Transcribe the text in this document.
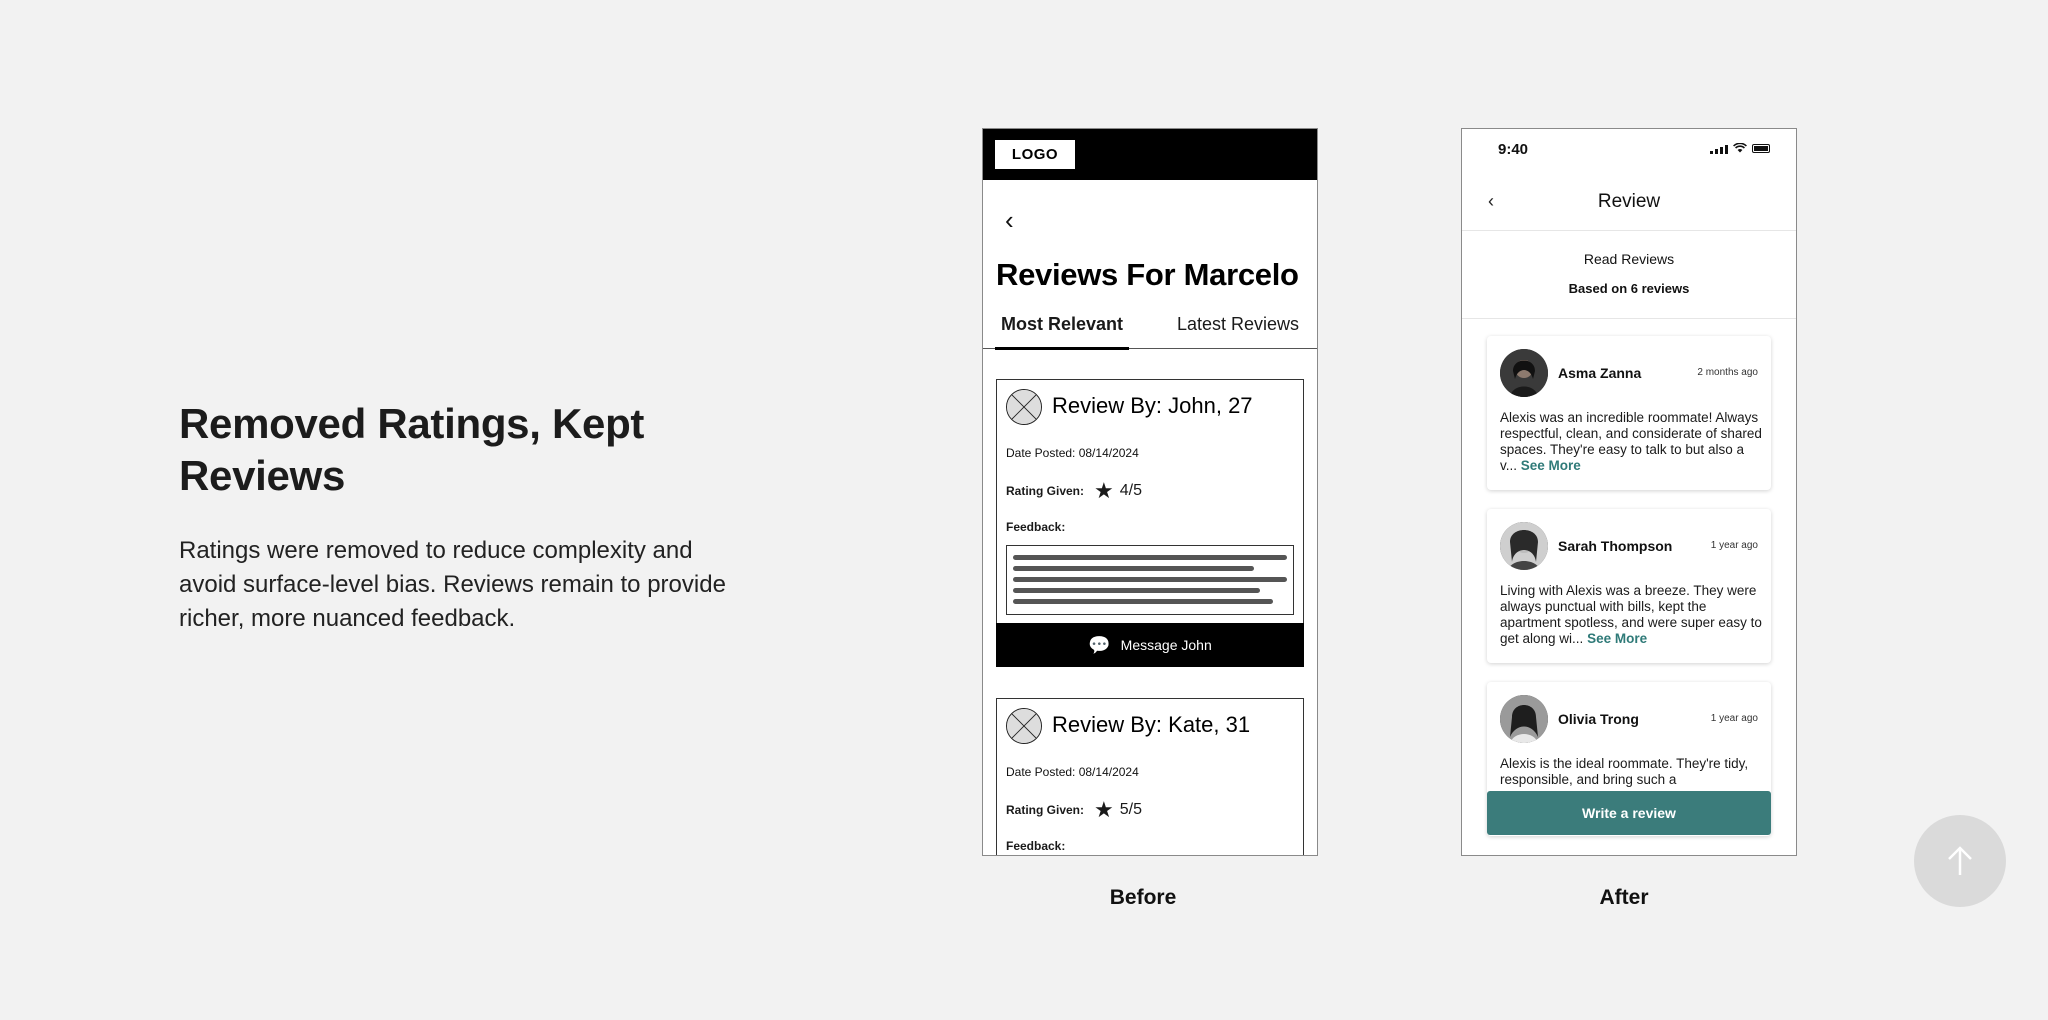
Removed Ratings, Kept Reviews

Ratings were removed to reduce complexity and avoid surface-level bias. Reviews remain to provide richer, more nuanced feedback.

LOGO
‹
Reviews For Marcelo
Most Relevant	Latest Reviews
Review By: John, 27
Date Posted: 08/14/2024
Rating Given: ★ 4/5
Feedback:
💬 Message John
Review By: Kate, 31
Date Posted: 08/14/2024
Rating Given: ★ 5/5
Feedback:
Before
9:40
‹	Review
Read Reviews
Based on 6 reviews
Asma Zanna	2 months ago
Alexis was an incredible roommate! Always respectful, clean, and considerate of shared spaces. They're easy to talk to but also a v... See More
Sarah Thompson	1 year ago
Living with Alexis was a breeze. They were always punctual with bills, kept the apartment spotless, and were super easy to get along wi... See More
Olivia Trong	1 year ago
Alexis is the ideal roommate. They're tidy, responsible, and bring such a
Write a review
After
